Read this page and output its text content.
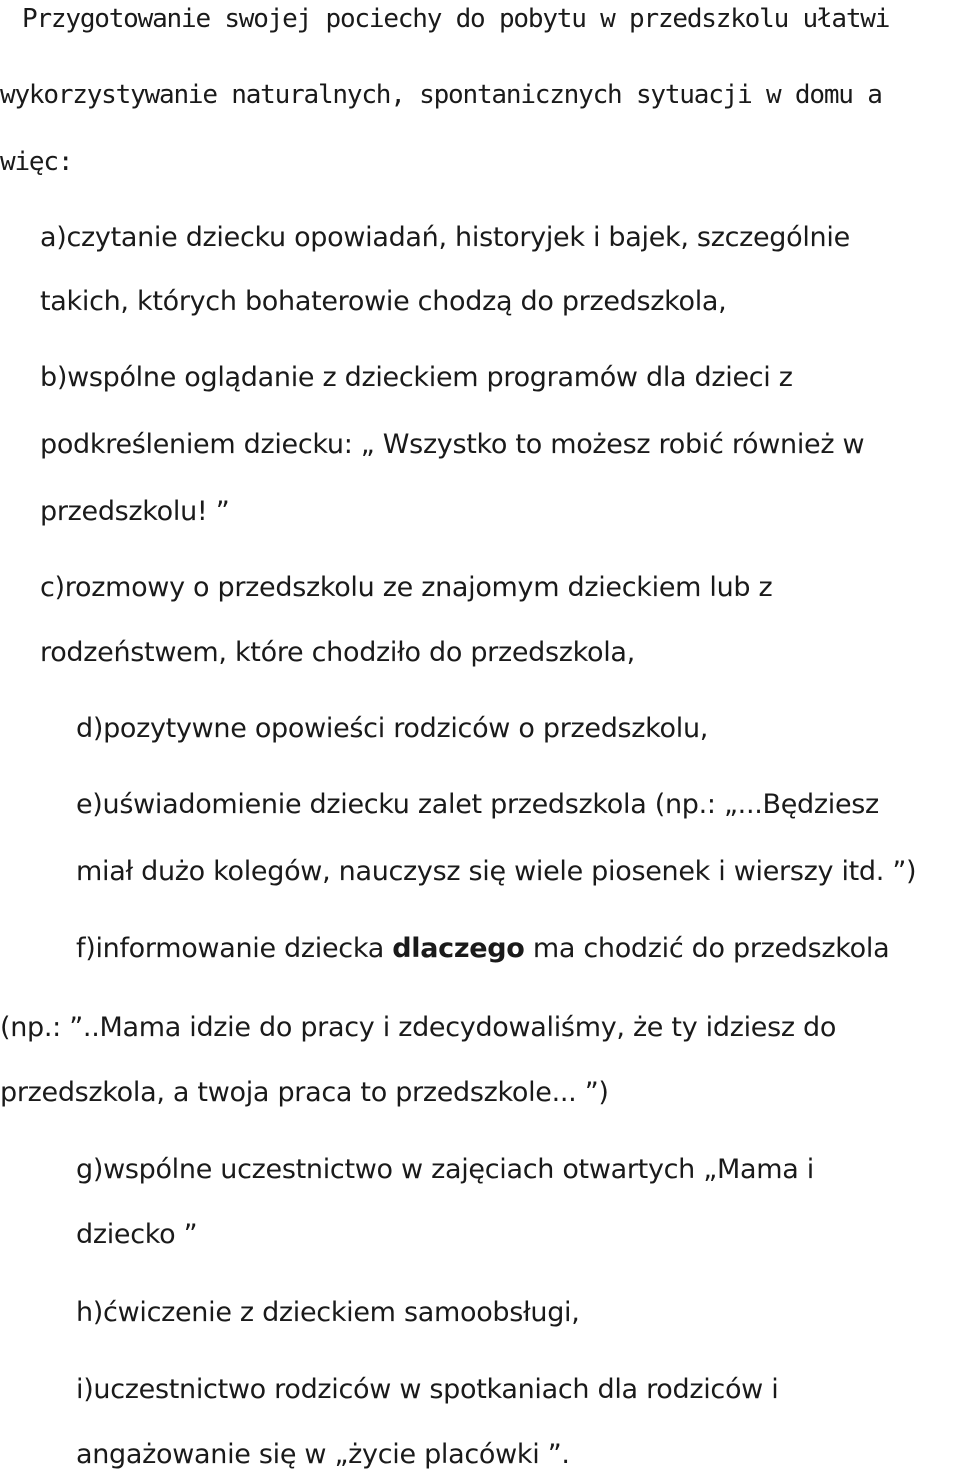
Przygotowanie swojej pociechy do pobytu w przedszkolu ułatwi
wykorzystywanie naturalnych, spontanicznych sytuacji w domu a
więc:
a)czytanie dziecku opowiadań, historyjek i bajek, szczególnie
takich, których bohaterowie chodzą do przedszkola,
b)wspólne oglądanie z dzieckiem programów dla dzieci z
podkreśleniem dziecku: „ Wszystko to możesz robić również w
przedszkolu! ”
c)rozmowy o przedszkolu ze znajomym dzieckiem lub z
rodzeństwem, które chodziło do przedszkola,
d)pozytywne opowieści rodziców o przedszkolu,
e)uświadomienie dziecku zalet przedszkola (np.: „...Będziesz
miał dużo kolegów, nauczysz się wiele piosenek i wierszy itd. ”)
f)informowanie dziecka dlaczego ma chodzić do przedszkola
(np.: ”..Mama idzie do pracy i zdecydowaliśmy, że ty idziesz do
przedszkola, a twoja praca to przedszkole... ”)
g)wspólne uczestnictwo w zajęciach otwartych „Mama i
dziecko ”
h)ćwiczenie z dzieckiem samoobsługi,
i)uczestnictwo rodziców w spotkaniach dla rodziców i
angażowanie się w „życie placówki ”.
